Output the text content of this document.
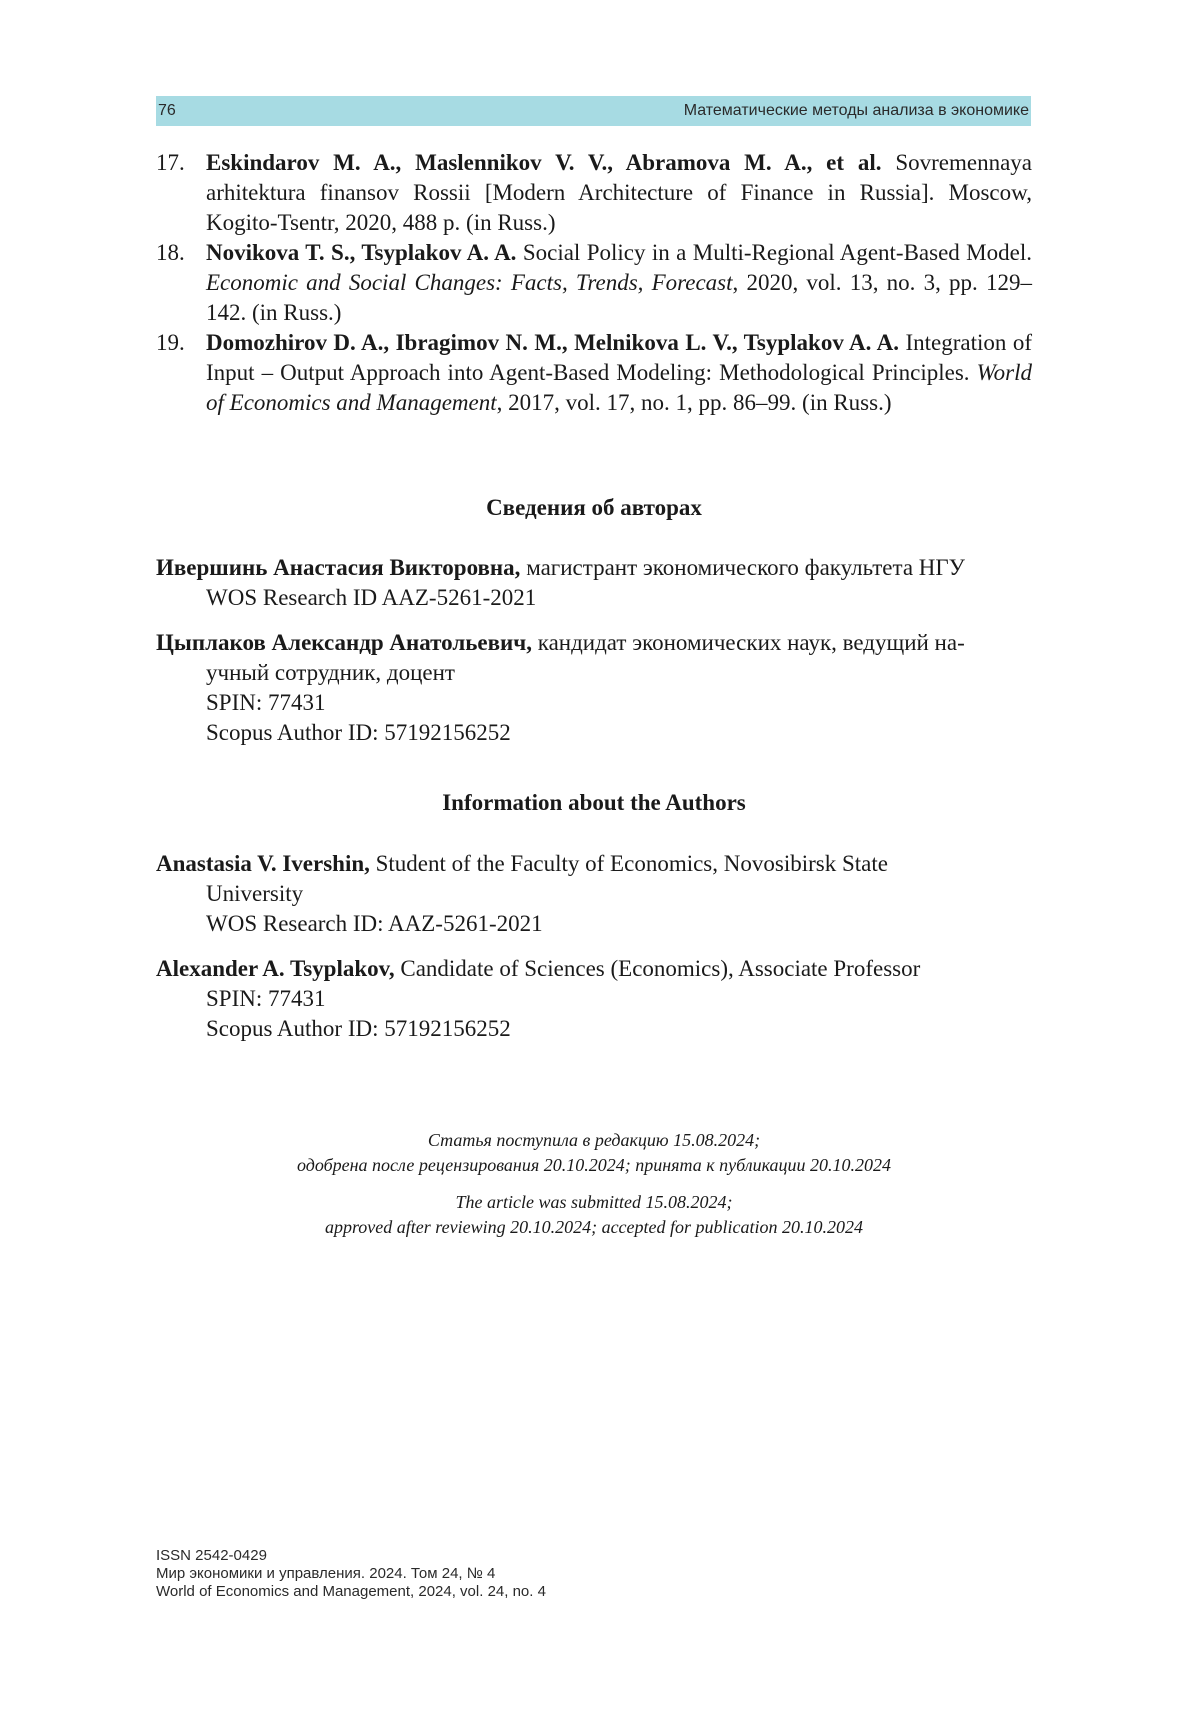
76	Математические методы анализа в экономике
17. Eskindarov M. A., Maslennikov V. V., Abramova M. A., et al. Sovremennaya arhitektura finansov Rossii [Modern Architecture of Finance in Russia]. Moscow, Kogito-Tsentr, 2020, 488 p. (in Russ.)
18. Novikova T. S., Tsyplakov A. A. Social Policy in a Multi-Regional Agent-Based Model. Economic and Social Changes: Facts, Trends, Forecast, 2020, vol. 13, no. 3, pp. 129–142. (in Russ.)
19. Domozhirov D. A., Ibragimov N. M., Melnikova L. V., Tsyplakov A. A. Integration of Input – Output Approach into Agent-Based Modeling: Methodological Principles. World of Economics and Management, 2017, vol. 17, no. 1, pp. 86–99. (in Russ.)
Сведения об авторах
Ивершинь Анастасия Викторовна, магистрант экономического факультета НГУ
WOS Research ID AAZ-5261-2021
Цыплаков Александр Анатольевич, кандидат экономических наук, ведущий на-
учный сотрудник, доцент
SPIN: 77431
Scopus Author ID: 57192156252
Information about the Authors
Anastasia V. Ivershin, Student of the Faculty of Economics, Novosibirsk State
University
WOS Research ID: AAZ-5261-2021
Alexander A. Tsyplakov, Candidate of Sciences (Economics), Associate Professor
SPIN: 77431
Scopus Author ID: 57192156252
Статья поступила в редакцию 15.08.2024;
одобрена после рецензирования 20.10.2024; принята к публикации 20.10.2024
The article was submitted 15.08.2024;
approved after reviewing 20.10.2024; accepted for publication 20.10.2024
ISSN 2542-0429
Мир экономики и управления. 2024. Том 24, № 4
World of Economics and Management, 2024, vol. 24, no. 4
